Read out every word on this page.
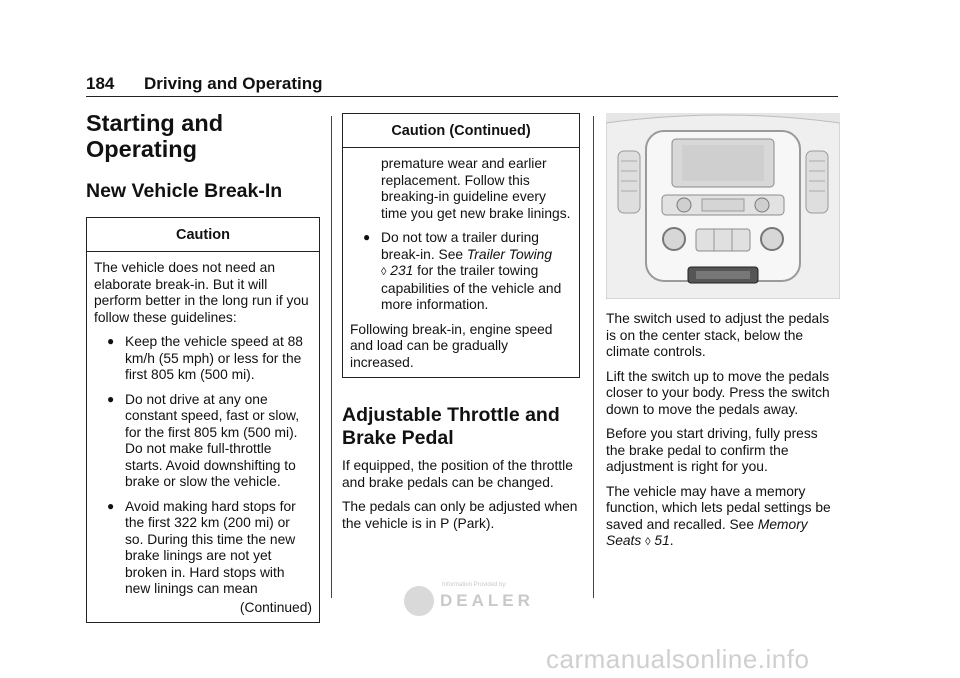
184 Driving and Operating
Starting and Operating
New Vehicle Break-In
Caution

The vehicle does not need an elaborate break-in. But it will perform better in the long run if you follow these guidelines:

● Keep the vehicle speed at 88 km/h (55 mph) or less for the first 805 km (500 mi).

● Do not drive at any one constant speed, fast or slow, for the first 805 km (500 mi). Do not make full-throttle starts. Avoid downshifting to brake or slow the vehicle.

● Avoid making hard stops for the first 322 km (200 mi) or so. During this time the new brake linings are not yet broken in. Hard stops with new linings can mean

(Continued)

Caution (Continued)

premature wear and earlier replacement. Follow this breaking-in guideline every time you get new brake linings.

● Do not tow a trailer during break-in. See Trailer Towing
◊ 231 for the trailer towing capabilities of the vehicle and more information.

Following break-in, engine speed and load can be gradually increased.

Adjustable Throttle and Brake Pedal

If equipped, the position of the throttle and brake pedals can be changed.

The pedals can only be adjusted when the vehicle is in P (Park).

The switch used to adjust the pedals is on the center stack, below the climate controls.

Lift the switch up to move the pedals closer to your body. Press the switch down to move the pedals away.

Before you start driving, fully press the brake pedal to confirm the adjustment is right for you.

The vehicle may have a memory function, which lets pedal settings be saved and recalled. See Memory Seats ◊ 51.

Information Provided by:
DEALER
carmanualsonline.info
